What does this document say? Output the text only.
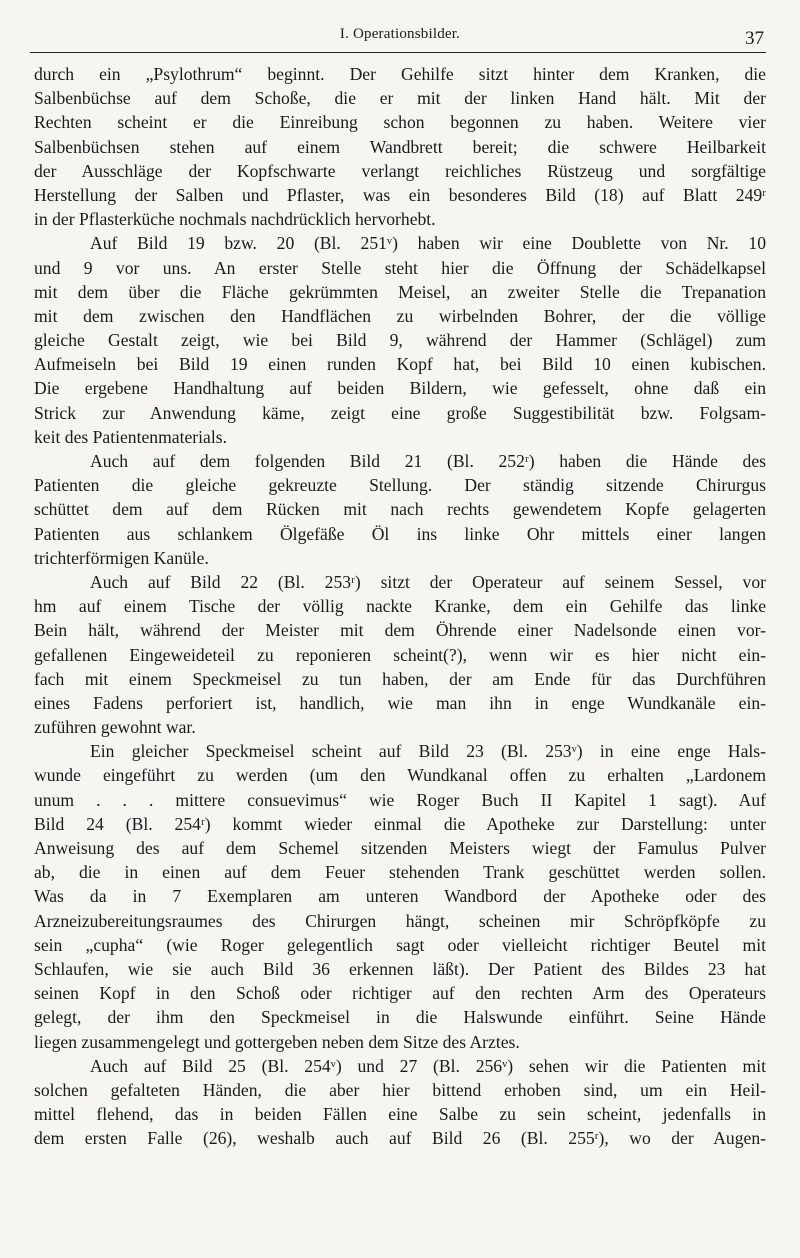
I. Operationsbilder.	37
durch ein „Psylothrum“ beginnt. Der Gehilfe sitzt hinter dem Kranken, die
Salbenbüchse auf dem Schoße, die er mit der linken Hand hält. Mit der
Rechten scheint er die Einreibung schon begonnen zu haben. Weitere vier
Salbenbüchsen stehen auf einem Wandbrett bereit; die schwere Heilbarkeit
der Ausschläge der Kopfschwarte verlangt reichliches Rüstzeug und sorgfältige
Herstellung der Salben und Pflaster, was ein besonderes Bild (18) auf Blatt 249ʳ
in der Pflasterküche nochmals nachdrücklich hervorhebt.
Auf Bild 19 bzw. 20 (Bl. 251ᵛ) haben wir eine Doublette von Nr. 10
und 9 vor uns. An erster Stelle steht hier die Öffnung der Schädelkapsel
mit dem über die Fläche gekrümmten Meisel, an zweiter Stelle die Trepanation
mit dem zwischen den Handflächen zu wirbelnden Bohrer, der die völlige
gleiche Gestalt zeigt, wie bei Bild 9, während der Hammer (Schlägel) zum
Aufmeiseln bei Bild 19 einen runden Kopf hat, bei Bild 10 einen kubischen.
Die ergebene Handhaltung auf beiden Bildern, wie gefesselt, ohne daß ein
Strick zur Anwendung käme, zeigt eine große Suggestibilität bzw. Folgsam-
keit des Patientenmaterials.
Auch auf dem folgenden Bild 21 (Bl. 252ʳ) haben die Hände des
Patienten die gleiche gekreuzte Stellung. Der ständig sitzende Chirurgus
schüttet dem auf dem Rücken mit nach rechts gewendetem Kopfe gelagerten
Patienten aus schlankem Ölgefäße Öl ins linke Ohr mittels einer langen
trichterförmigen Kanüle.
Auch auf Bild 22 (Bl. 253ʳ) sitzt der Operateur auf seinem Sessel, vor
hm auf einem Tische der völlig nackte Kranke, dem ein Gehilfe das linke
Bein hält, während der Meister mit dem Öhrende einer Nadelsonde einen vor-
gefallenen Eingeweideteil zu reponieren scheint(?), wenn wir es hier nicht ein-
fach mit einem Speckmeisel zu tun haben, der am Ende für das Durchführen
eines Fadens perforiert ist, handlich, wie man ihn in enge Wundkanäle ein-
zuführen gewohnt war.
Ein gleicher Speckmeisel scheint auf Bild 23 (Bl. 253ᵛ) in eine enge Hals-
wunde eingeführt zu werden (um den Wundkanal offen zu erhalten „Lardonem
unum . . . mittere consuevimus“ wie Roger Buch II Kapitel 1 sagt). Auf
Bild 24 (Bl. 254ʳ) kommt wieder einmal die Apotheke zur Darstellung: unter
Anweisung des auf dem Schemel sitzenden Meisters wiegt der Famulus Pulver
ab, die in einen auf dem Feuer stehenden Trank geschüttet werden sollen.
Was da in 7 Exemplaren am unteren Wandbord der Apotheke oder des
Arzneizubereitungsraumes des Chirurgen hängt, scheinen mir Schröpfköpfe zu
sein „cupha“ (wie Roger gelegentlich sagt oder vielleicht richtiger Beutel mit
Schlaufen, wie sie auch Bild 36 erkennen läßt). Der Patient des Bildes 23 hat
seinen Kopf in den Schoß oder richtiger auf den rechten Arm des Operateurs
gelegt, der ihm den Speckmeisel in die Halswunde einführt. Seine Hände
liegen zusammengelegt und gottergeben neben dem Sitze des Arztes.
Auch auf Bild 25 (Bl. 254ᵛ) und 27 (Bl. 256ᵛ) sehen wir die Patienten mit
solchen gefalteten Händen, die aber hier bittend erhoben sind, um ein Heil-
mittel flehend, das in beiden Fällen eine Salbe zu sein scheint, jedenfalls in
dem ersten Falle (26), weshalb auch auf Bild 26 (Bl. 255ʳ), wo der Augen-
